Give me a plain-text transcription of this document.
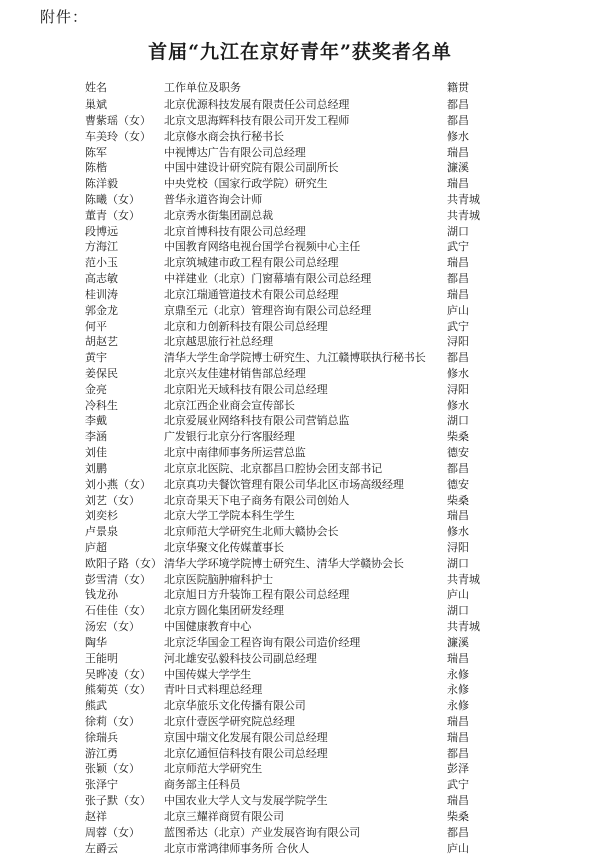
附件：
首届“九江在京好青年”获奖者名单
姓名	工作单位及职务	籍贯
巢斌	北京优源科技发展有限责任公司总经理	都昌
曹紫瑶（女） 北京文思海辉科技有限公司开发工程师	都昌
车美玲（女） 北京修水商会执行秘书长	修水
陈军	中视博达广告有限公司总经理	瑞昌
陈楷	中国中建设计研究院有限公司副所长	濂溪
陈洋毅	中央党校（国家行政学院）研究生	瑞昌
陈曦（女） 普华永道咨询会计师	共青城
董青（女） 北京秀水街集团副总裁	共青城
段博远	北京首博科技有限公司总经理	湖口
方海江	中国教育网络电视台国学台视频中心主任	武宁
范小玉	北京筑城建市政工程有限公司总经理	瑞昌
高志敏	中祥建业（北京）门窗幕墙有限公司总经理	都昌
桂训涛	北京江瑞通管道技术有限公司总经理	瑞昌
郭金龙	京鼎至元（北京）管理咨询有限公司总经理	庐山
何平	北京和力创新科技有限公司总经理	武宁
胡赵艺	北京越思旅行社总经理	浔阳
黄宇	清华大学生命学院博士研究生、九江赣博联执行秘书长 都昌
姜保民	北京兴友佳建材销售部总经理	修水
金亮	北京阳光天域科技有限公司总经理	浔阳
冷科生	北京江西企业商会宣传部长	修水
李戴	北京爱展业网络科技有限公司营销总监	湖口
李涵	广发银行北京分行客服经理	柴桑
刘佳	北京中南律师事务所运营总监	德安
刘鹏	北京京北医院、北京都昌口腔协会团支部书记	都昌
刘小燕（女） 北京真功夫餐饮管理有限公司华北区市场高级经理	德安
刘艺（女） 北京奇果天下电子商务有限公司创始人	柴桑
刘奕杉	北京大学工学院本科生学生	瑞昌
卢景泉	北京师范大学研究生北师大赣协会长	修水
庐超	北京华聚文化传媒董事长	浔阳
欧阳子路（女） 清华大学环境学院博士研究生、清华大学赣协会长	湖口
彭雪清（女） 北京医院脑肿瘤科护士	共青城
钱龙孙	北京旭日方升装饰工程有限公司总经理	庐山
石佳佳（女） 北京方圆化集团研发经理	湖口
汤宏（女） 中国健康教育中心	共青城
陶华	北京泛华国金工程咨询有限公司造价经理	濂溪
王能明	河北雄安弘毅科技公司副总经理	瑞昌
吴晔凌（女） 中国传媒大学学生	永修
熊菊英（女） 青叶日式料理总经理	永修
熊武	北京华旅乐文化传播有限公司	永修
徐莉（女） 北京什壹医学研究院总经理	瑞昌
徐瑞兵	京国中瑞文化发展有限公司总经理	瑞昌
游江勇	北京亿通恒信科技有限公司总经理	都昌
张颖（女） 北京师范大学研究生	彭泽
张泽宁	商务部主任科员	武宁
张子默（女） 中国农业大学人文与发展学院学生	瑞昌
赵祥	北京三耀祥商贸有限公司	柴桑
周蓉（女） 蓝图希达（北京）产业发展咨询有限公司	都昌
左爵云	北京市常鸿律师事务所 合伙人	庐山
